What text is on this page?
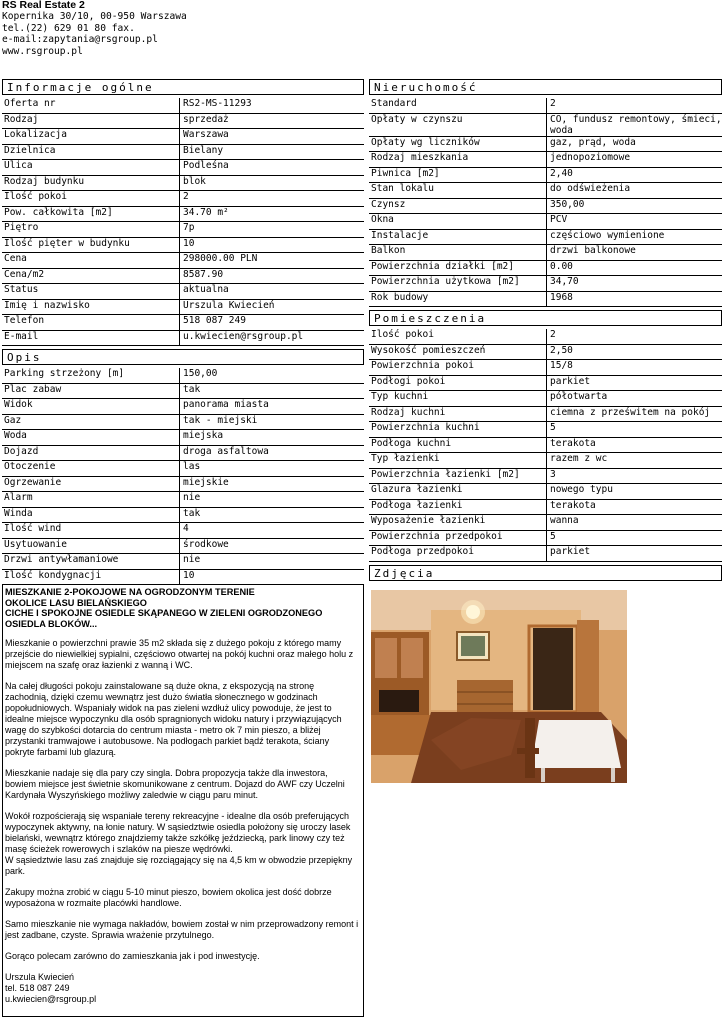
RS Real Estate 2
Kopernika 30/10, 00-950 Warszawa
tel.(22) 629 01 80 fax.
e-mail:zapytania@rsgroup.pl
www.rsgroup.pl
Informacje ogólne
Oferta nr	RS2-MS-11293
Rodzaj	sprzedaż
Lokalizacja	Warszawa
Dzielnica	Bielany
Ulica	Podleśna
Rodzaj budynku	blok
Ilość pokoi	2
Pow. całkowita [m2]	34.70 m²
Piętro	7p
Ilość pięter w budynku	10
Cena	298000.00 PLN
Cena/m2	8587.90
Status	aktualna
Imię i nazwisko	Urszula Kwiecień
Telefon	518 087 249
E-mail	u.kwiecien@rsgroup.pl
Opis
Parking strzeżony [m]	150,00
Plac zabaw	tak
Widok	panorama miasta
Gaz	tak - miejski
Woda	miejska
Dojazd	droga asfaltowa
Otoczenie	las
Ogrzewanie	miejskie
Alarm	nie
Winda	tak
Ilość wind	4
Usytuowanie	środkowe
Drzwi antywłamaniowe	nie
Ilość kondygnacji	10
MIESZKANIE 2-POKOJOWE NA OGRODZONYM TERENIE
OKOLICE LASU BIELAŃSKIEGO
CICHE I SPOKOJNE OSIEDLE SKĄPANEGO W ZIELENI OGRODZONEGO
OSIEDLA BLOKÓW...

Mieszkanie o powierzchni prawie 35 m2 składa się z dużego pokoju z którego mamy przejście do niewielkiej sypialni, częściowo otwartej na pokój kuchni oraz małego holu z miejscem na szafę oraz łazienki z wanną i WC.

Na całej długości pokoju zainstalowane są duże okna, z ekspozycją na stronę zachodnią, dzięki czemu wewnątrz jest dużo światła słonecznego w godzinach popołudniowych. Wspaniały widok na pas zieleni wzdłuż ulicy powoduje, że jest to idealne miejsce wypoczynku dla osób spragnionych widoku natury i przywiązujących wagę do szybkości dotarcia do centrum miasta - metro ok 7 min pieszo, a bliżej przystanki tramwajowe i autobusowe. Na podłogach parkiet bądź terakota, ściany pokryte farbami lub glazurą.

Mieszkanie nadaje się dla pary czy singla. Dobra propozycja także dla inwestora, bowiem miejsce jest świetnie skomunikowane z centrum. Dojazd do AWF czy Uczelni Kardynała Wyszyńskiego możliwy zaledwie w ciągu paru minut.

Wokół rozpościerają się wspaniałe tereny rekreacyjne - idealne dla osób preferujących wypoczynek aktywny, na łonie natury. W sąsiedztwie osiedla położony się uroczy lasek bielański, wewnątrz którego znajdziemy także szkółkę jeździecką, park linowy czy też masę ścieżek rowerowych i szlaków na piesze wędrówki.
W sąsiedztwie lasu zaś znajduje się rozciągający się na 4,5 km w obwodzie przepiękny park.

Zakupy można zrobić w ciągu 5-10 minut pieszo, bowiem okolica jest dość dobrze wyposażona w rozmaite placówki handlowe.

Samo mieszkanie nie wymaga nakładów, bowiem został w nim przeprowadzony remont i jest zadbane, czyste. Sprawia wrażenie przytulnego.

Gorąco polecam zarówno do zamieszkania jak i pod inwestycję.

Urszula Kwiecień
tel. 518 087 249
u.kwiecien@rsgroup.pl
Nieruchomość
Standard	2
Opłaty w czynszu	CO, fundusz remontowy, śmieci, woda
Opłaty wg liczników	gaz, prąd, woda
Rodzaj mieszkania	jednopoziomowe
Piwnica [m2]	2,40
Stan lokalu	do odświeżenia
Czynsz	350,00
Okna	PCV
Instalacje	częściowo wymienione
Balkon	drzwi balkonowe
Powierzchnia działki [m2]	0.00
Powierzchnia użytkowa [m2]	34,70
Rok budowy	1968
Pomieszczenia
Ilość pokoi	2
Wysokość pomieszczeń	2,50
Powierzchnia pokoi	15/8
Podłogi pokoi	parkiet
Typ kuchni	półotwarta
Rodzaj kuchni	ciemna z prześwitem na pokój
Powierzchnia kuchni	5
Podłoga kuchni	terakota
Typ łazienki	razem z wc
Powierzchnia łazienki [m2]	3
Glazura łazienki	nowego typu
Podłoga łazienki	terakota
Wyposażenie łazienki	wanna
Powierzchnia przedpokoi	5
Podłoga przedpokoi	parkiet
Zdjęcia
